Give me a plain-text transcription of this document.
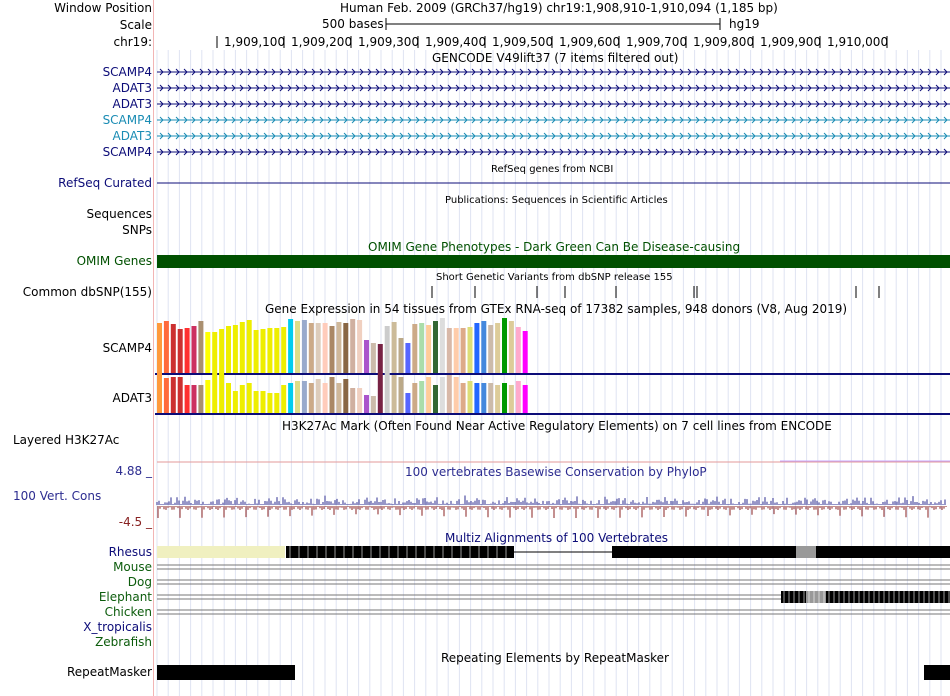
Window Position
Scale
chr19:
Human Feb. 2009 (GRCh37/hg19) chr19:1,908,910-1,910,094 (1,185 bp)
500 bases	hg19
1,909,100 1,909,200 1,909,300 1,909,400 1,909,500 1,909,600 1,909,700 1,909,800 1,909,900 1,910,000
GENCODE V49lift37 (7 items filtered out)
SCAMP4
ADAT3
ADAT3
SCAMP4
ADAT3
SCAMP4
RefSeq genes from NCBI
RefSeq Curated
Publications: Sequences in Scientific Articles
Sequences
SNPs
OMIM Gene Phenotypes - Dark Green Can Be Disease-causing
OMIM Genes
Short Genetic Variants from dbSNP release 155
Common dbSNP(155)
Gene Expression in 54 tissues from GTEx RNA-seq of 17382 samples, 948 donors (V8, Aug 2019)
SCAMP4
ADAT3
H3K27Ac Mark (Often Found Near Active Regulatory Elements) on 7 cell lines from ENCODE
Layered H3K27Ac
100 vertebrates Basewise Conservation by PhyloP
4.88 _
100 Vert. Cons
-4.5 _
Multiz Alignments of 100 Vertebrates
Rhesus
Mouse
Dog
Elephant
Chicken
X_tropicalis
Zebrafish
Repeating Elements by RepeatMasker
RepeatMasker
